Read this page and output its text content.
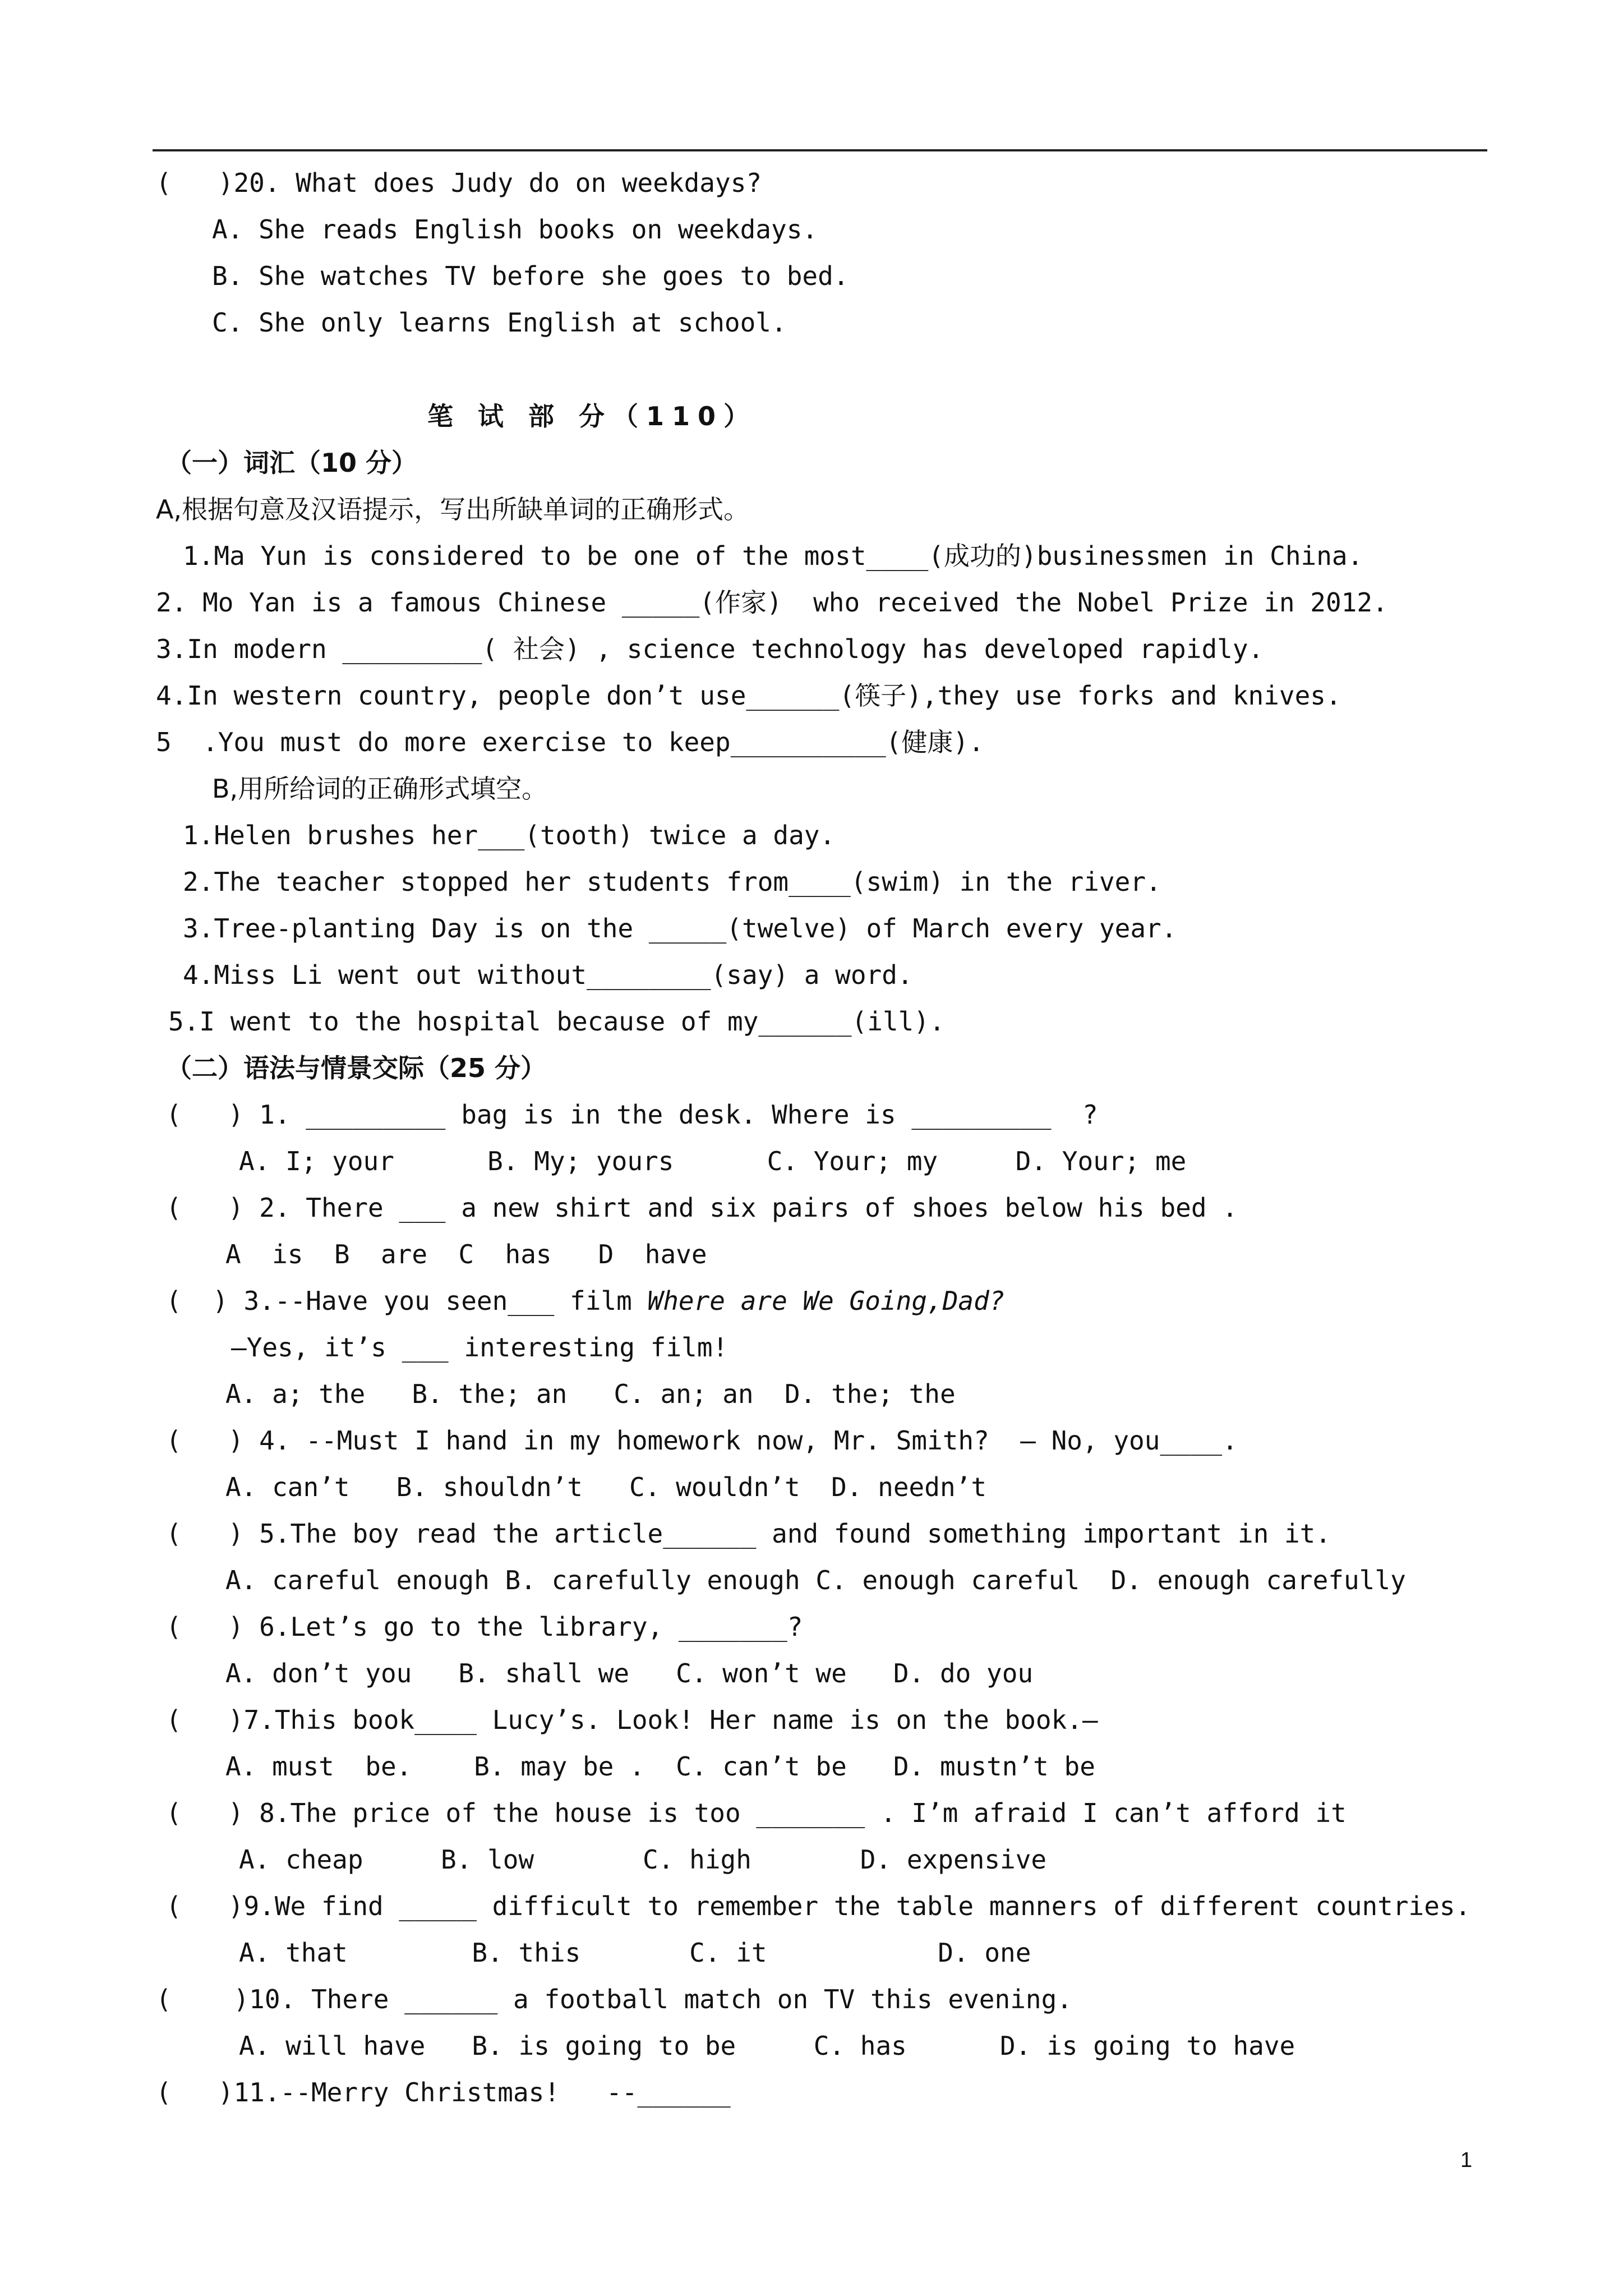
(   )20. What does Judy do on weekdays?
A. She reads English books on weekdays.
B. She watches TV before she goes to bed.
C. She only learns English at school.
笔 试 部 分（110）
（一）词汇（10 分）
A,根据句意及汉语提示，写出所缺单词的正确形式。
1.Ma Yun is considered to be one of the most____(成功的)businessmen in China.
2. Mo Yan is a famous Chinese _____(作家)  who received the Nobel Prize in 2012.
3.In modern _________( 社会) , science technology has developed rapidly.
4.In western country, people don’t use______(筷子),they use forks and knives.
5  .You must do more exercise to keep__________(健康).
B,用所给词的正确形式填空。
1.Helen brushes her___(tooth) twice a day.
2.The teacher stopped her students from____(swim) in the river.
3.Tree-planting Day is on the _____(twelve) of March every year.
4.Miss Li went out without________(say) a word.
5.I went to the hospital because of my______(ill).
（二）语法与情景交际（25 分）
(   ) 1. _________ bag is in the desk. Where is _________  ?
A. I; your      B. My; yours      C. Your; my     D. Your; me
(   ) 2. There ___ a new shirt and six pairs of shoes below his bed .
A  is  B  are  C  has   D  have
(  ) 3.--Have you seen___ film Where are We Going,Dad?
–Yes, it’s ___ interesting film!
A. a; the   B. the; an   C. an; an  D. the; the
(   ) 4. --Must I hand in my homework now, Mr. Smith?  – No, you____.
A. can’t   B. shouldn’t   C. wouldn’t  D. needn’t
(   ) 5.The boy read the article______ and found something important in it.
A. careful enough B. carefully enough C. enough careful  D. enough carefully
(   ) 6.Let’s go to the library, _______?
A. don’t you   B. shall we   C. won’t we   D. do you
(   )7.This book____ Lucy’s. Look! Her name is on the book.–
A. must  be.    B. may be .  C. can’t be   D. mustn’t be
(   ) 8.The price of the house is too _______ . I’m afraid I can’t afford it
A. cheap     B. low       C. high       D. expensive
(   )9.We find _____ difficult to remember the table manners of different countries.
A. that        B. this       C. it           D. one
(    )10. There ______ a football match on TV this evening.
A. will have   B. is going to be     C. has      D. is going to have
(   )11.--Merry Christmas!   --______
1
